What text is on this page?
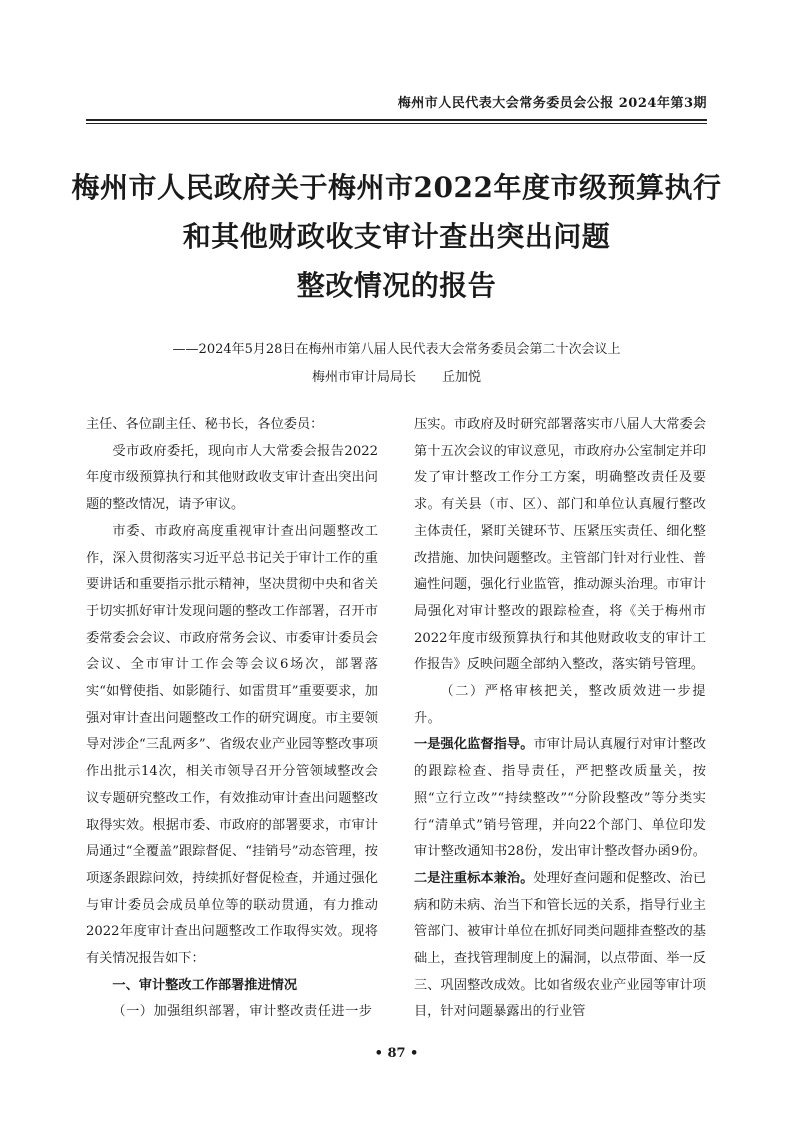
梅州市人民代表大会常务委员会公报 2024年第3期
梅州市人民政府关于梅州市2022年度市级预算执行
和其他财政收支审计查出突出问题
整改情况的报告
——2024年5月28日在梅州市第八届人民代表大会常务委员会第二十次会议上
梅州市审计局局长　　丘加悦

主任、各位副主任、秘书长，各位委员：

受市政府委托，现向市人大常委会报告2022年度市级预算执行和其他财政收支审计查出突出问题的整改情况，请予审议。

市委、市政府高度重视审计查出问题整改工作，深入贯彻落实习近平总书记关于审计工作的重要讲话和重要指示批示精神，坚决贯彻中央和省关于切实抓好审计发现问题的整改工作部署，召开市委常委会会议、市政府常务会议、市委审计委员会会议、全市审计工作会等会议6场次，部署落实“如臂使指、如影随行、如雷贯耳”重要要求，加强对审计查出问题整改工作的研究调度。市主要领导对涉企“三乱两多”、省级农业产业园等整改事项作出批示14次，相关市领导召开分管领域整改会议专题研究整改工作，有效推动审计查出问题整改取得实效。根据市委、市政府的部署要求，市审计局通过“全覆盖”跟踪督促、“挂销号”动态管理，按项逐条跟踪问效，持续抓好督促检查，并通过强化与审计委员会成员单位等的联动贯通，有力推动2022年度审计查出问题整改工作取得实效。现将有关情况报告如下：

一、审计整改工作部署推进情况

（一）加强组织部署，审计整改责任进一步

压实。市政府及时研究部署落实市八届人大常委会第十五次会议的审议意见，市政府办公室制定并印发了审计整改工作分工方案，明确整改责任及要求。有关县（市、区）、部门和单位认真履行整改主体责任，紧盯关键环节、压紧压实责任、细化整改措施、加快问题整改。主管部门针对行业性、普遍性问题，强化行业监管，推动源头治理。市审计局强化对审计整改的跟踪检查，将《关于梅州市2022年度市级预算执行和其他财政收支的审计工作报告》反映问题全部纳入整改，落实销号管理。

（二）严格审核把关，整改质效进一步提升。

一是强化监督指导。市审计局认真履行对审计整改的跟踪检查、指导责任，严把整改质量关，按照“立行立改”“持续整改”“分阶段整改”等分类实行“清单式”销号管理，并向22个部门、单位印发审计整改通知书28份，发出审计整改督办函9份。二是注重标本兼治。处理好查问题和促整改、治已病和防未病、治当下和管长远的关系，指导行业主管部门、被审计单位在抓好同类问题排查整改的基础上，查找管理制度上的漏洞，以点带面、举一反三、巩固整改成效。比如省级农业产业园等审计项目，针对问题暴露出的行业管

• 87 •
